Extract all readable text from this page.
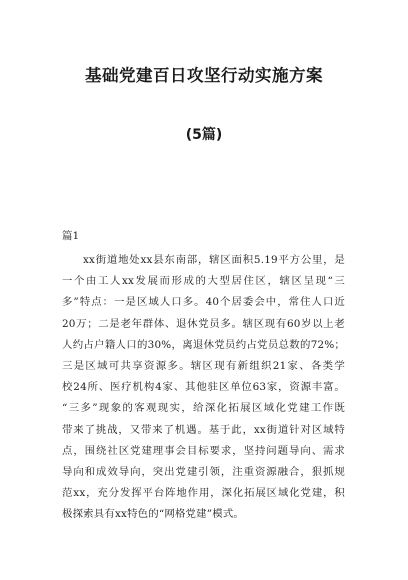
基础党建百日攻坚行动实施方案
(5篇)
篇1
xx街道地处xx县东南部，辖区面积5.19平方公里，是
一个由工人xx发展而形成的大型居住区，辖区呈现“三
多”特点：一是区域人口多。40个居委会中，常住人口近
20万；二是老年群体、退休党员多。辖区现有60岁以上老
人约占户籍人口的30%，离退休党员约占党员总数的72%；
三是区域可共享资源多。辖区现有新组织21家、各类学
校24所、医疗机构4家、其他驻区单位63家，资源丰富。
“三多”现象的客观现实，给深化拓展区域化党建工作既
带来了挑战，又带来了机遇。基于此，xx街道针对区域特
点，围绕社区党建理事会目标要求，坚持问题导向、需求
导向和成效导向，突出党建引领，注重资源融合，狠抓规
范xx，充分发挥平台阵地作用，深化拓展区域化党建，积
极探索具有xx特色的“网格党建”模式。
